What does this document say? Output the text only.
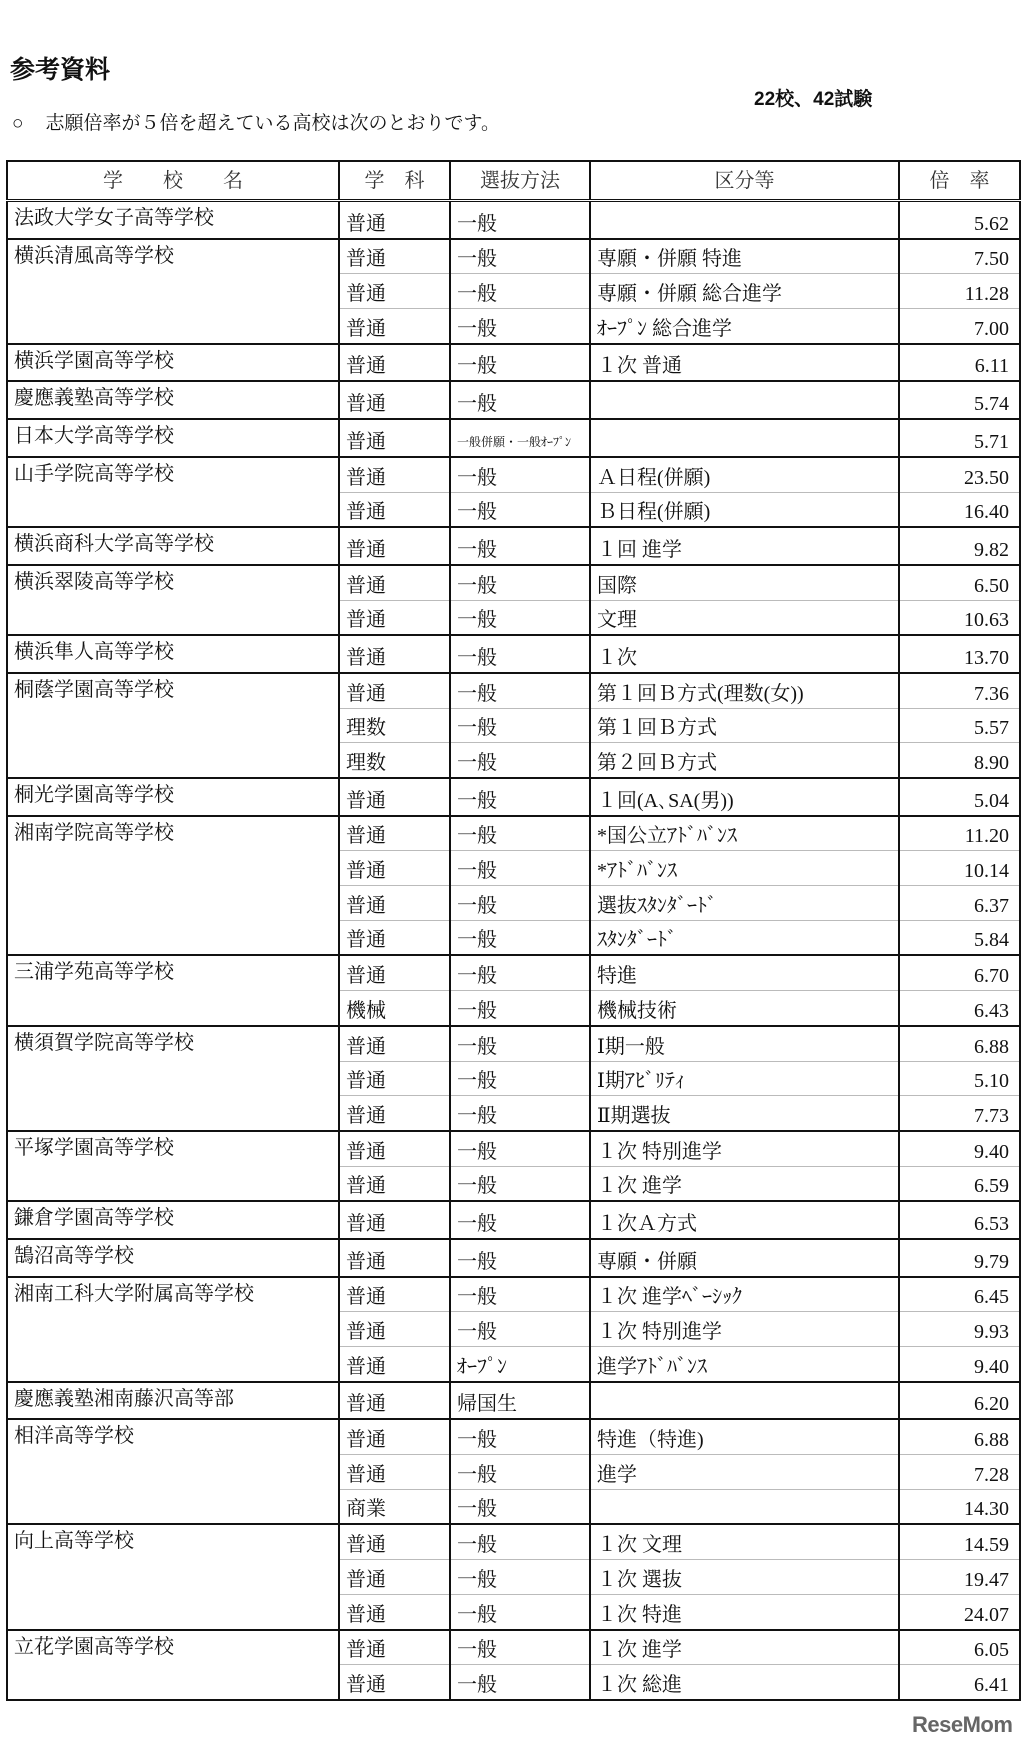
参考資料
22校、42試験
○ 志願倍率が５倍を超えている高校は次のとおりです。
学　　校　　名	学　科	選抜方法	区分等	倍　率
法政大学女子高等学校	普通	一般		5.62
横浜清風高等学校	普通	一般	専願・併願 特進	7.50
	普通	一般	専願・併願 総合進学	11.28
	普通	一般	ｵｰﾌﾟﾝ 総合進学	7.00
横浜学園高等学校	普通	一般	１次 普通	6.11
慶應義塾高等学校	普通	一般		5.74
日本大学高等学校	普通	一般併願・一般ｵｰﾌﾟﾝ		5.71
山手学院高等学校	普通	一般	Ａ日程(併願)	23.50
	普通	一般	Ｂ日程(併願)	16.40
横浜商科大学高等学校	普通	一般	１回 進学	9.82
横浜翠陵高等学校	普通	一般	国際	6.50
	普通	一般	文理	10.63
横浜隼人高等学校	普通	一般	１次	13.70
桐蔭学園高等学校	普通	一般	第１回Ｂ方式(理数(女))	7.36
	理数	一般	第１回Ｂ方式	5.57
	理数	一般	第２回Ｂ方式	8.90
桐光学園高等学校	普通	一般	１回(A､SA(男))	5.04
湘南学院高等学校	普通	一般	*国公立ｱﾄﾞﾊﾞﾝｽ	11.20
	普通	一般	*ｱﾄﾞﾊﾞﾝｽ	10.14
	普通	一般	選抜ｽﾀﾝﾀﾞｰﾄﾞ	6.37
	普通	一般	ｽﾀﾝﾀﾞｰﾄﾞ	5.84
三浦学苑高等学校	普通	一般	特進	6.70
	機械	一般	機械技術	6.43
横須賀学院高等学校	普通	一般	Ⅰ期一般	6.88
	普通	一般	Ⅰ期ｱﾋﾞﾘﾃｨ	5.10
	普通	一般	Ⅱ期選抜	7.73
平塚学園高等学校	普通	一般	１次 特別進学	9.40
	普通	一般	１次 進学	6.59
鎌倉学園高等学校	普通	一般	１次Ａ方式	6.53
鵠沼高等学校	普通	一般	専願・併願	9.79
湘南工科大学附属高等学校	普通	一般	１次 進学ﾍﾞｰｼｯｸ	6.45
	普通	一般	１次 特別進学	9.93
	普通	ｵｰﾌﾟﾝ	進学ｱﾄﾞﾊﾞﾝｽ	9.40
慶應義塾湘南藤沢高等部	普通	帰国生		6.20
相洋高等学校	普通	一般	特進（特進)	6.88
	普通	一般	進学	7.28
	商業	一般		14.30
向上高等学校	普通	一般	１次 文理	14.59
	普通	一般	１次 選抜	19.47
	普通	一般	１次 特進	24.07
立花学園高等学校	普通	一般	１次 進学	6.05
	普通	一般	１次 総進	6.41
ReseMom
